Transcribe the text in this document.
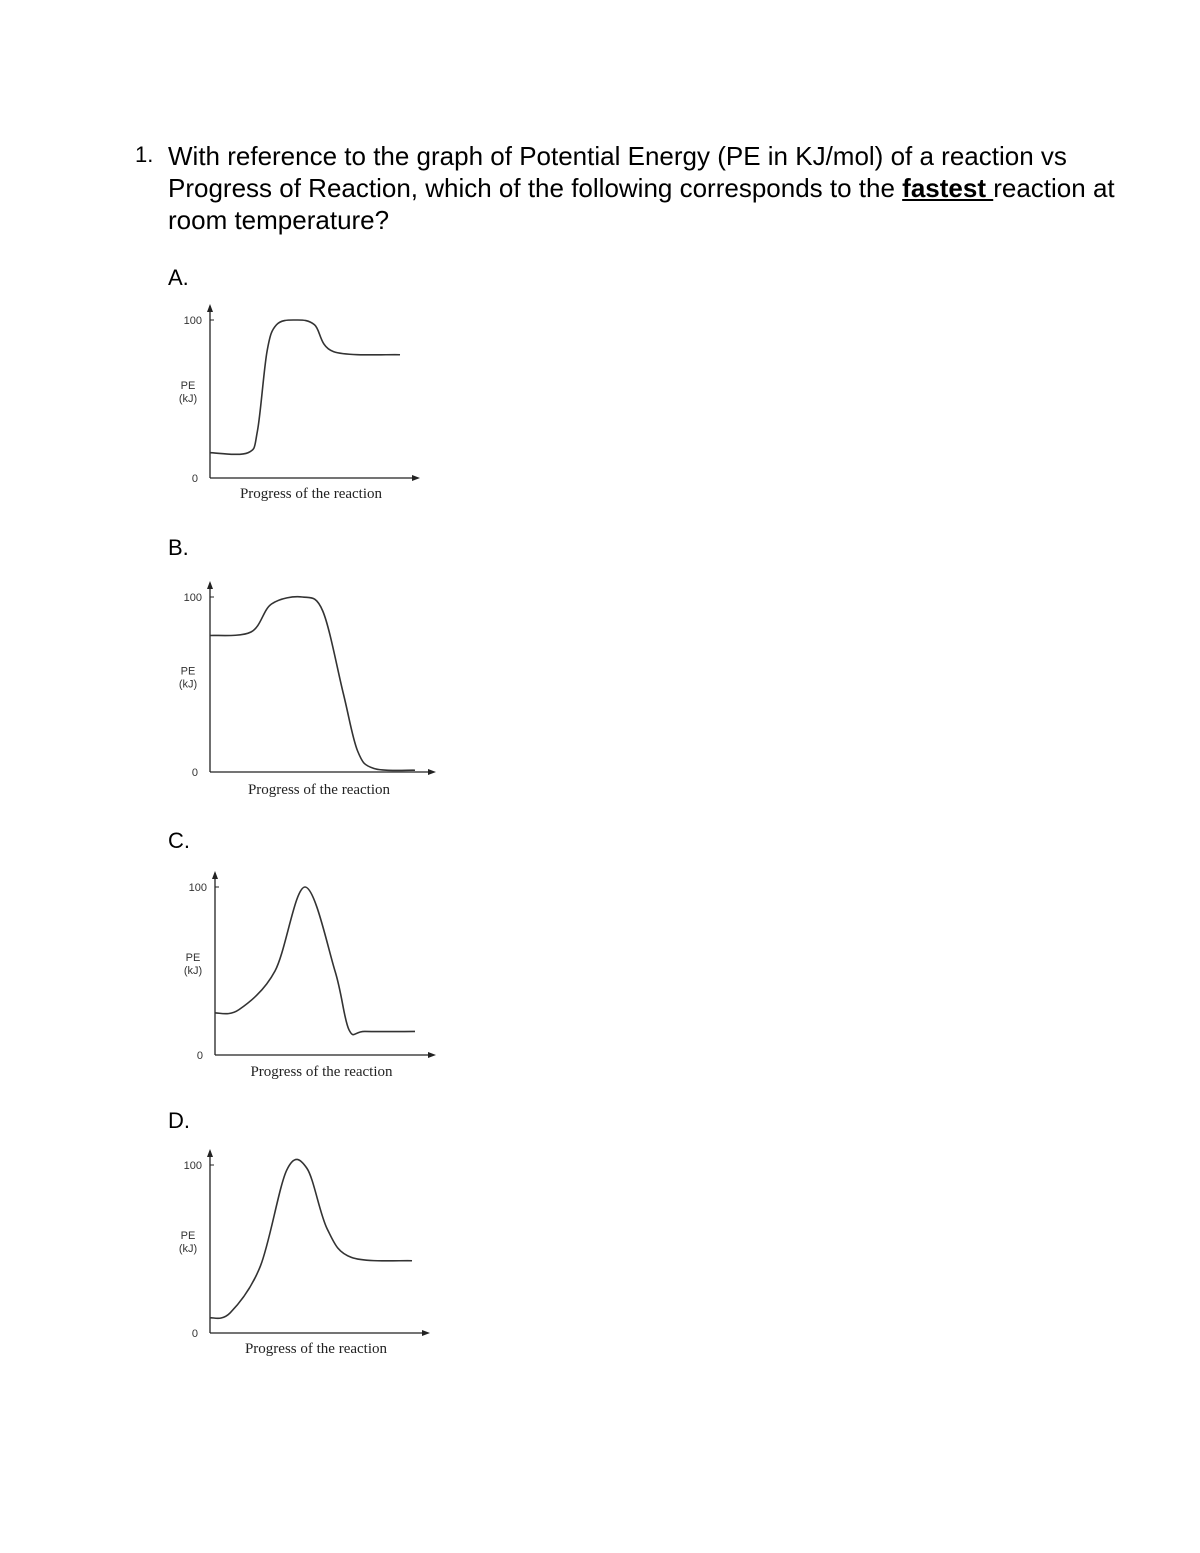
1. With reference to the graph of Potential Energy (PE in KJ/mol) of a reaction vs Progress of Reaction, which of the following corresponds to the fastest reaction at room temperature?
A.
100
0
PE (kJ)
Progress of the reaction
B.
100
0
PE (kJ)
Progress of the reaction
C.
100
0
PE (kJ)
Progress of the reaction
D.
100
0
PE (kJ)
Progress of the reaction
